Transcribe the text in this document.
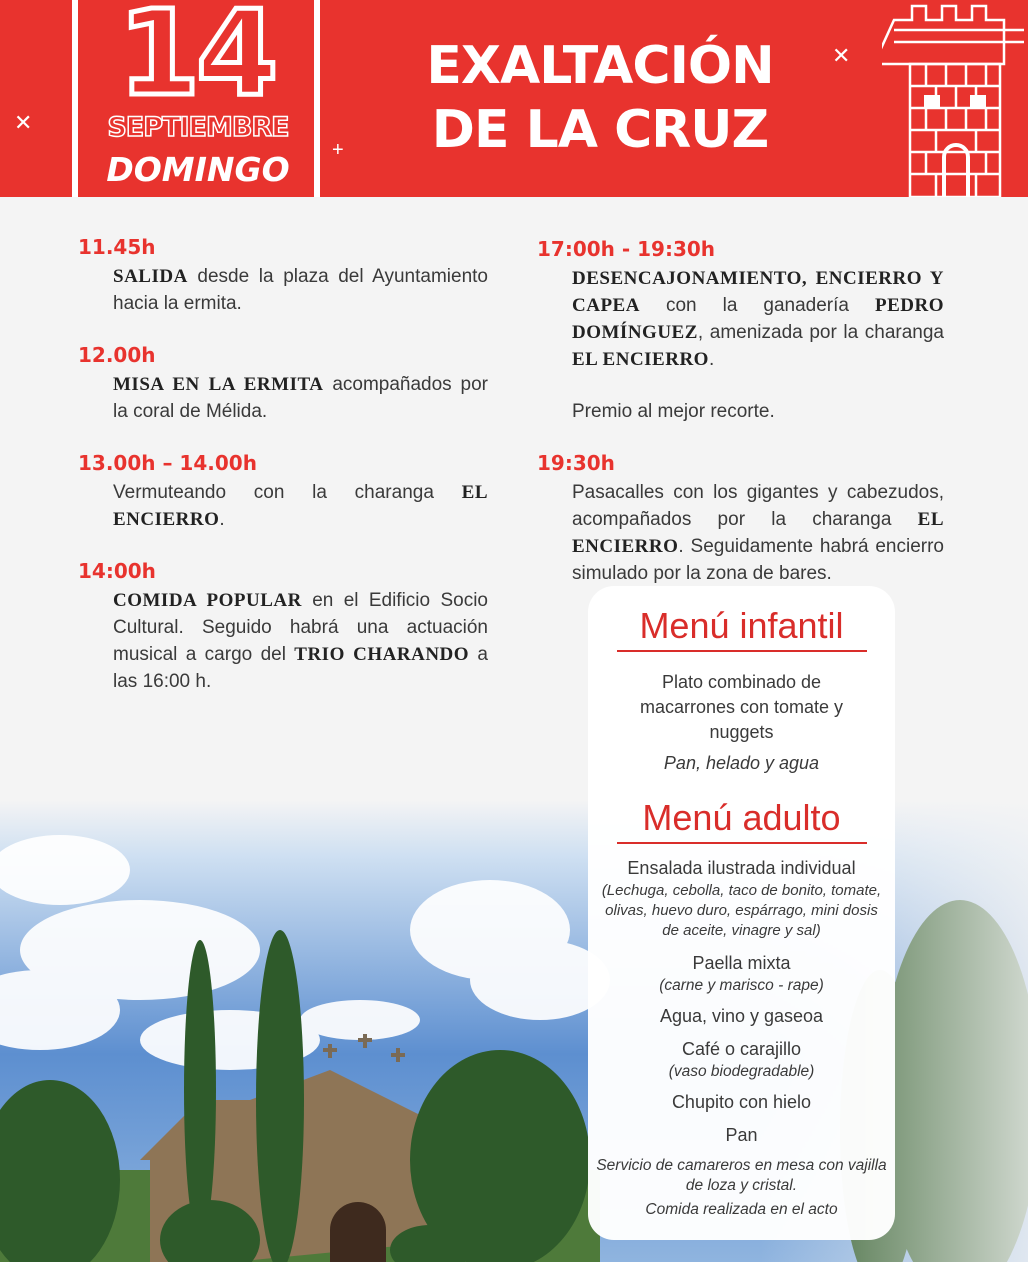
14
SEPTIEMBRE
DOMINGO
EXALTACIÓN
DE LA CRUZ
✕
+
✕
11.45h
SALIDA desde la plaza del Ayuntamiento hacia la ermita.
12.00h
MISA EN LA ERMITA acompañados por la coral de Mélida.
13.00h – 14.00h
Vermuteando con la charanga EL ENCIERRO.
14:00h
COMIDA POPULAR en el Edificio Socio Cultural. Seguido habrá una actuación musical a cargo del TRIO CHARANDO a las 16:00 h.
17:00h - 19:30h
DESENCAJONAMIENTO, ENCIERRO Y CAPEA con la ganadería PEDRO DOMÍNGUEZ, amenizada por la charanga EL ENCIERRO.
Premio al mejor recorte.
19:30h
Pasacalles con los gigantes y cabezudos, acompañados por la charanga EL ENCIERRO. Seguidamente habrá encierro simulado por la zona de bares.
Menú infantil
Plato combinado de macarrones con tomate y nuggets
Pan, helado y agua
Menú adulto
Ensalada ilustrada individual
(Lechuga, cebolla, taco de bonito, tomate, olivas, huevo duro, espárrago, mini dosis de aceite, vinagre y sal)
Paella mixta
(carne y marisco - rape)
Agua, vino y gaseoa
Café o carajillo
(vaso biodegradable)
Chupito con hielo
Pan
Servicio de camareros en mesa con vajilla de loza y cristal.
Comida realizada en el acto
